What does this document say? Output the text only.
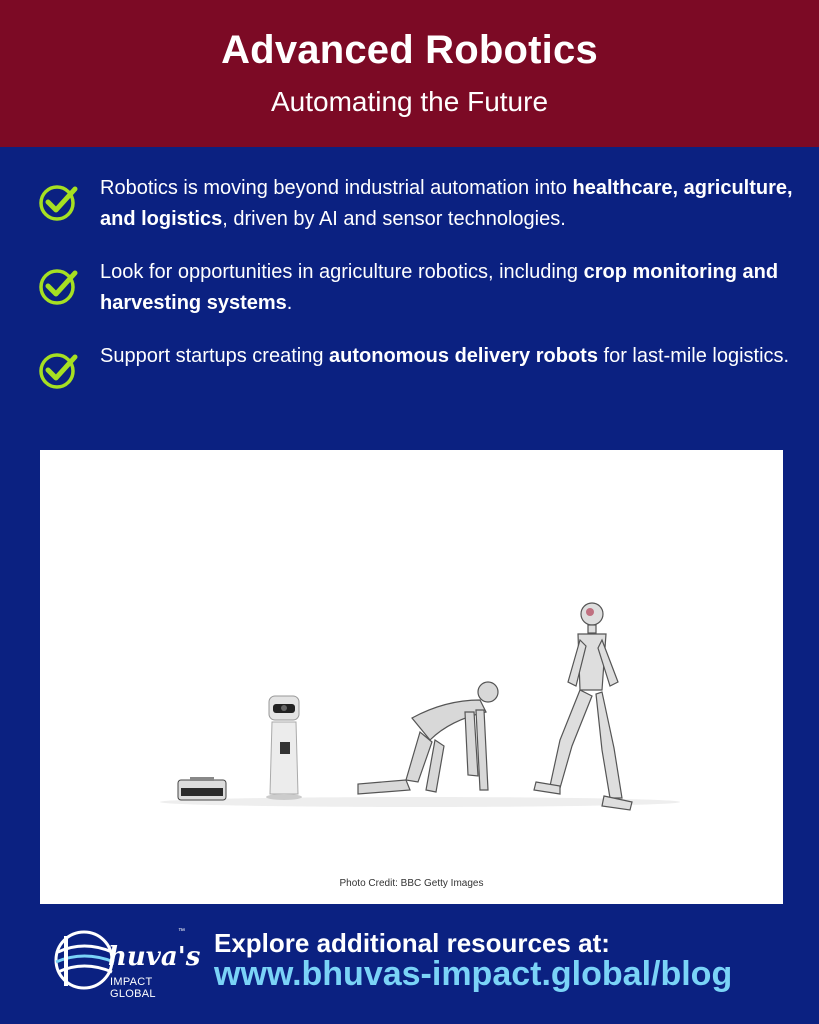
Advanced Robotics
Automating the Future
Robotics is moving beyond industrial automation into healthcare, agriculture, and logistics, driven by AI and sensor technologies.
Look for opportunities in agriculture robotics, including crop monitoring and harvesting systems.
Support startups creating autonomous delivery robots for last-mile logistics.
Photo Credit: BBC Getty Images
™
huva's
IMPACT GLOBAL
Explore additional resources at:
www.bhuvas-impact.global/blog
